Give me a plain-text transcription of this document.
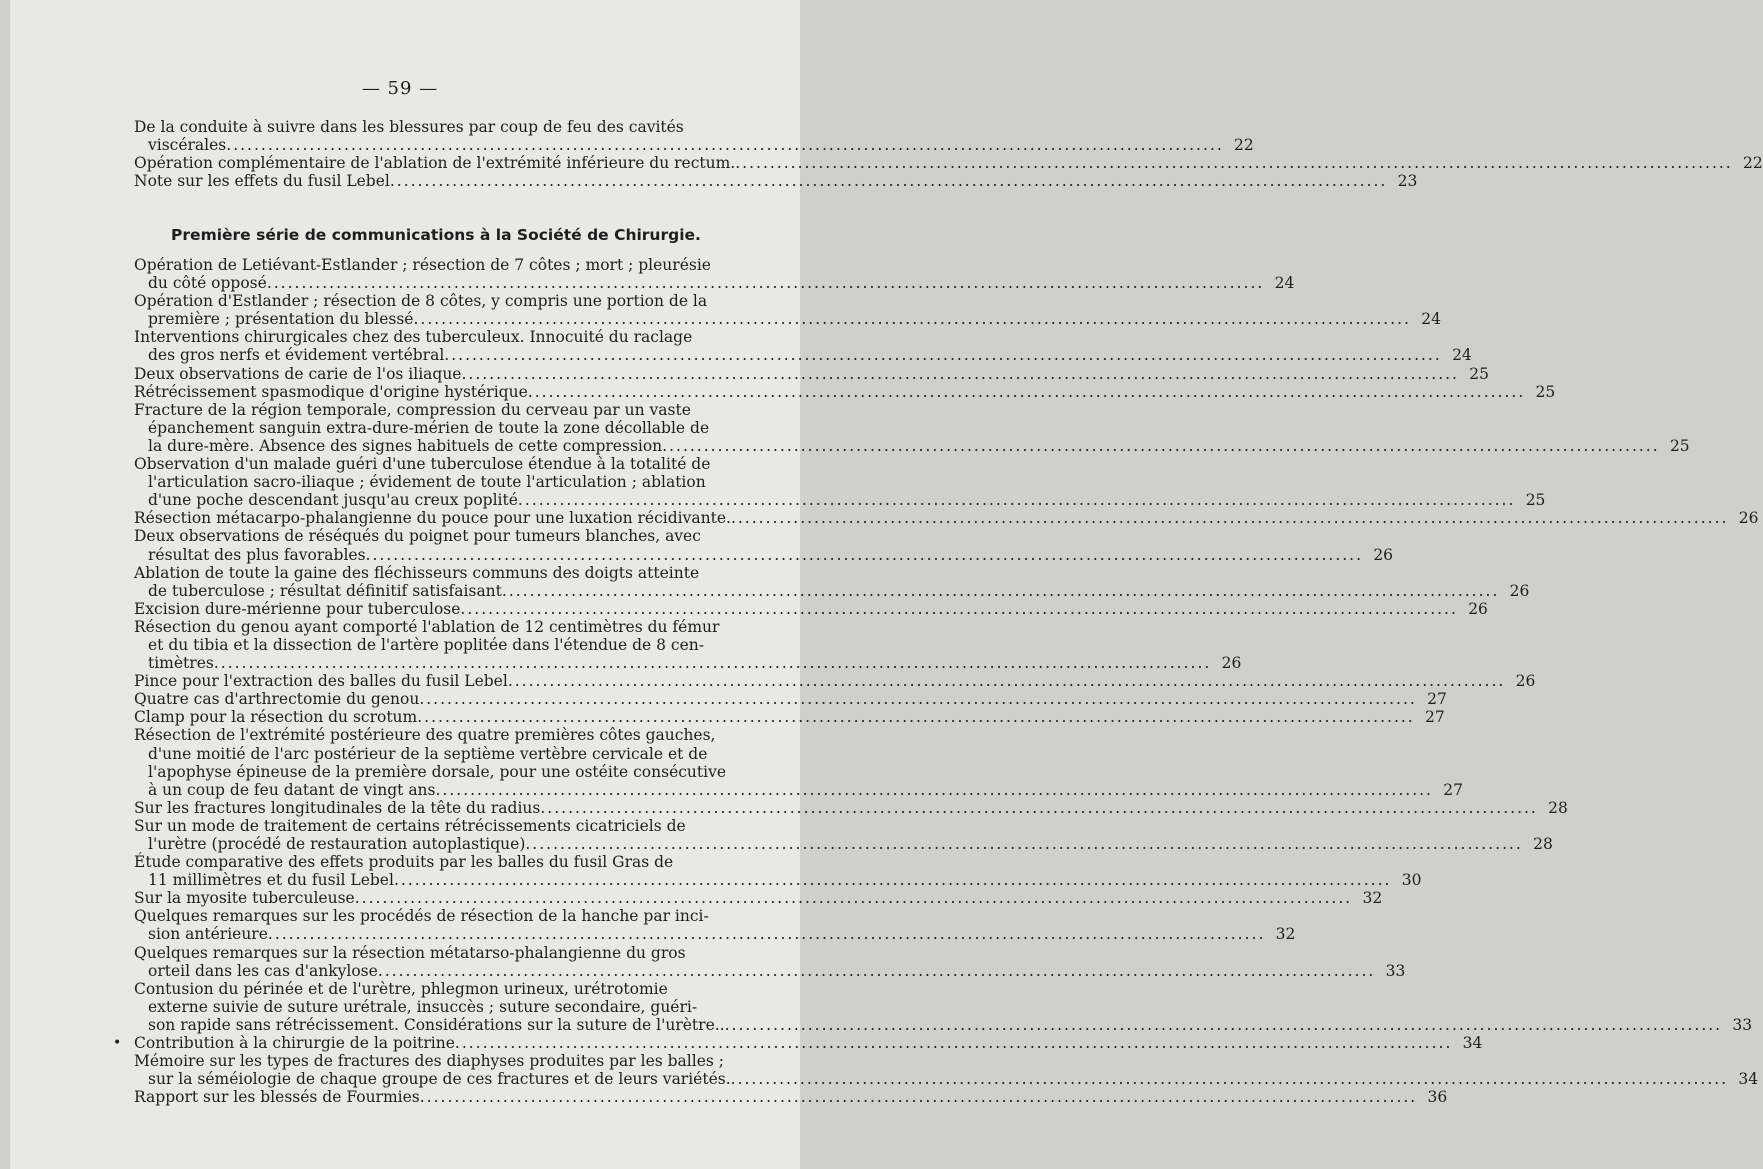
— 59 —
De la conduite à suivre dans les blessures par coup de feu des cavités
viscérales .....	22
Opération complémentaire de l'ablation de l'extrémité inférieure du rectum. .....	22
Note sur les effets du fusil Lebel .....	23
Première série de communications à la Société de Chirurgie.
Opération de Letiévant-Estlander ; résection de 7 côtes ; mort ; pleurésie
du côté opposé .....	24
Opération d'Estlander ; résection de 8 côtes, y compris une portion de la
première ; présentation du blessé .....	24
Interventions chirurgicales chez des tuberculeux. Innocuité du raclage
des gros nerfs et évidement vertébral .....	24
Deux observations de carie de l'os iliaque .....	25
Rétrécissement spasmodique d'origine hystérique .....	25
Fracture de la région temporale, compression du cerveau par un vaste
épanchement sanguin extra-dure-mérien de toute la zone décollable de
la dure-mère. Absence des signes habituels de cette compression .....	25
Observation d'un malade guéri d'une tuberculose étendue à la totalité de
l'articulation sacro-iliaque ; évidement de toute l'articulation ; ablation
d'une poche descendant jusqu'au creux poplité .....	25
Résection métacarpo-phalangienne du pouce pour une luxation récidivante. .....	26
Deux observations de réséqués du poignet pour tumeurs blanches, avec
résultat des plus favorables .....	26
Ablation de toute la gaine des fléchisseurs communs des doigts atteinte
de tuberculose ; résultat définitif satisfaisant .....	26
Excision dure-mérienne pour tuberculose .....	26
Résection du genou ayant comporté l'ablation de 12 centimètres du fémur
et du tibia et la dissection de l'artère poplitée dans l'étendue de 8 cen-
timètres .....	26
Pince pour l'extraction des balles du fusil Lebel .....	26
Quatre cas d'arthrectomie du genou .....	27
Clamp pour la résection du scrotum .....	27
Résection de l'extrémité postérieure des quatre premières côtes gauches,
d'une moitié de l'arc postérieur de la septième vertèbre cervicale et de
l'apophyse épineuse de la première dorsale, pour une ostéite consécutive
à un coup de feu datant de vingt ans .....	27
Sur les fractures longitudinales de la tête du radius .....	28
Sur un mode de traitement de certains rétrécissements cicatriciels de
l'urètre (procédé de restauration autoplastique) .....	28
Étude comparative des effets produits par les balles du fusil Gras de
11 millimètres et du fusil Lebel .....	30
Sur la myosite tuberculeuse .....	32
Quelques remarques sur les procédés de résection de la hanche par inci-
sion antérieure .....	32
Quelques remarques sur la résection métatarso-phalangienne du gros
orteil dans les cas d'ankylose .....	33
Contusion du périnée et de l'urètre, phlegmon urineux, urétrotomie
externe suivie de suture urétrale, insuccès ; suture secondaire, guéri-
son rapide sans rétrécissement. Considérations sur la suture de l'urètre.. .....	33
• Contribution à la chirurgie de la poitrine .....	34
Mémoire sur les types de fractures des diaphyses produites par les balles ;
sur la séméiologie de chaque groupe de ces fractures et de leurs variétés. .....	34
Rapport sur les blessés de Fourmies .....	36
